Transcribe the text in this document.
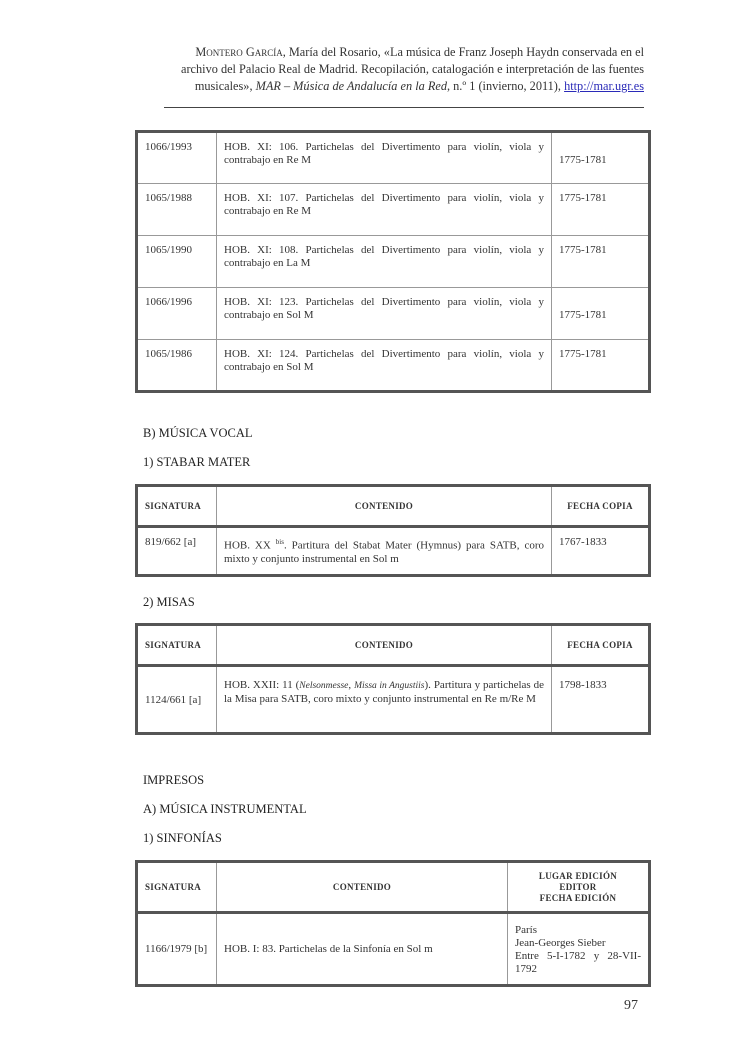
Montero García, María del Rosario, «La música de Franz Joseph Haydn conservada en el archivo del Palacio Real de Madrid. Recopilación, catalogación e interpretación de las fuentes musicales», MAR – Música de Andalucía en la Red, n.º 1 (invierno, 2011), http://mar.ugr.es
1066/1993	HOB. XI: 106. Partichelas del Divertimento para violín, viola y contrabajo en Re M	1775-1781
1065/1988	HOB. XI: 107. Partichelas del Divertimento para violín, viola y contrabajo en Re M	1775-1781
1065/1990	HOB. XI: 108. Partichelas del Divertimento para violín, viola y contrabajo en La M	1775-1781
1066/1996	HOB. XI: 123. Partichelas del Divertimento para violín, viola y contrabajo en Sol M	1775-1781
1065/1986	HOB. XI: 124. Partichelas del Divertimento para violín, viola y contrabajo en Sol M	1775-1781
B) MÚSICA VOCAL
1) STABAR MATER
SIGNATURA	CONTENIDO	FECHA COPIA
819/662 [a]	HOB. XX $^{bis}$. Partitura del Stabat Mater (Hymnus) para SATB, coro mixto y conjunto instrumental en Sol m	1767-1833
2) MISAS
SIGNATURA	CONTENIDO	FECHA COPIA
1124/661 [a]	HOB. XXII: 11 (Nelsonmesse, Missa in Angustiis). Partitura y partichelas de la Misa para SATB, coro mixto y conjunto instrumental en Re m/Re M	1798-1833
IMPRESOS
A) MÚSICA INSTRUMENTAL
1) SINFONÍAS
SIGNATURA	CONTENIDO	LUGAR EDICIÓN
EDITOR
FECHA EDICIÓN

1166/1979 [b]	HOB. I: 83. Partichelas de la Sinfonía en Sol m	París
Jean-Georges Sieber
Entre 5-I-1782 y 28-VII-1792
97
